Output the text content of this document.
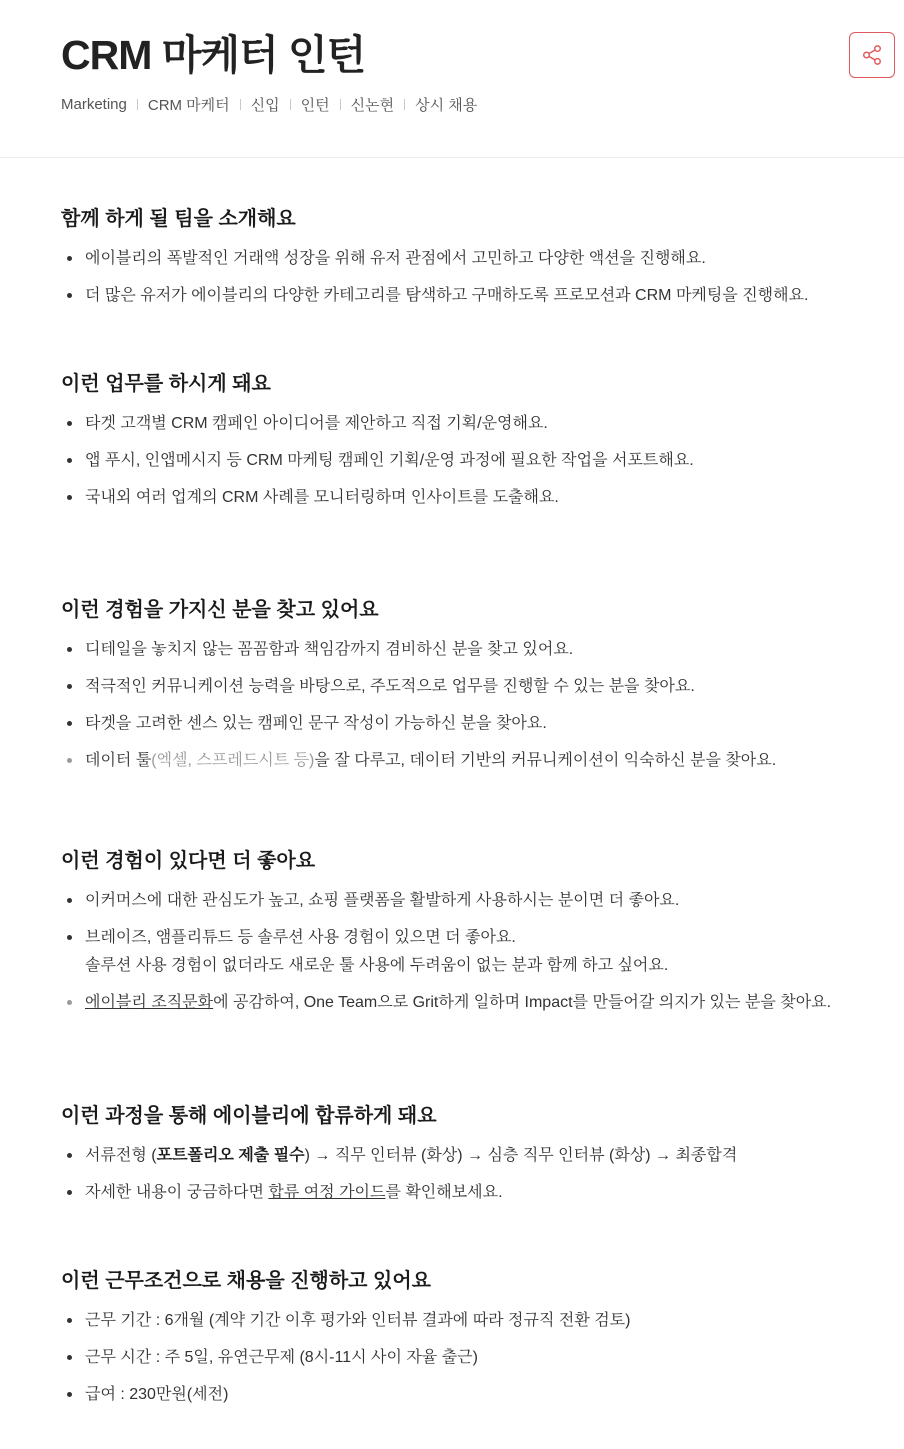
CRM 마케터 인턴
Marketing CRM 마케터 신입 인턴 신논현 상시 채용
함께 하게 될 팀을 소개해요
에이블리의 폭발적인 거래액 성장을 위해 유저 관점에서 고민하고 다양한 액션을 진행해요.
더 많은 유저가 에이블리의 다양한 카테고리를 탐색하고 구매하도록 프로모션과 CRM 마케팅을 진행해요.
이런 업무를 하시게 돼요
타겟 고객별 CRM 캠페인 아이디어를 제안하고 직접 기획/운영해요.
앱 푸시, 인앱메시지 등 CRM 마케팅 캠페인 기획/운영 과정에 필요한 작업을 서포트해요.
국내외 여러 업계의 CRM 사례를 모니터링하며 인사이트를 도출해요.
이런 경험을 가지신 분을 찾고 있어요
디테일을 놓치지 않는 꼼꼼함과 책임감까지 겸비하신 분을 찾고 있어요.
적극적인 커뮤니케이션 능력을 바탕으로, 주도적으로 업무를 진행할 수 있는 분을 찾아요.
타겟을 고려한 센스 있는 캠페인 문구 작성이 가능하신 분을 찾아요.
데이터 툴(엑셀, 스프레드시트 등)을 잘 다루고, 데이터 기반의 커뮤니케이션이 익숙하신 분을 찾아요.
이런 경험이 있다면 더 좋아요
이커머스에 대한 관심도가 높고, 쇼핑 플랫폼을 활발하게 사용하시는 분이면 더 좋아요.
브레이즈, 앰플리튜드 등 솔루션 사용 경험이 있으면 더 좋아요.
솔루션 사용 경험이 없더라도 새로운 툴 사용에 두려움이 없는 분과 함께 하고 싶어요.
에이블리 조직문화에 공감하여, One Team으로 Grit하게 일하며 Impact를 만들어갈 의지가 있는 분을 찾아요.
이런 과정을 통해 에이블리에 합류하게 돼요
서류전형 (포트폴리오 제출 필수) → 직무 인터뷰 (화상) → 심층 직무 인터뷰 (화상) → 최종합격
자세한 내용이 궁금하다면 합류 여정 가이드를 확인해보세요.
이런 근무조건으로 채용을 진행하고 있어요
근무 기간 : 6개월 (계약 기간 이후 평가와 인터뷰 결과에 따라 정규직 전환 검토)
근무 시간 : 주 5일, 유연근무제 (8시-11시 사이 자율 출근)
급여 : 230만원(세전)
